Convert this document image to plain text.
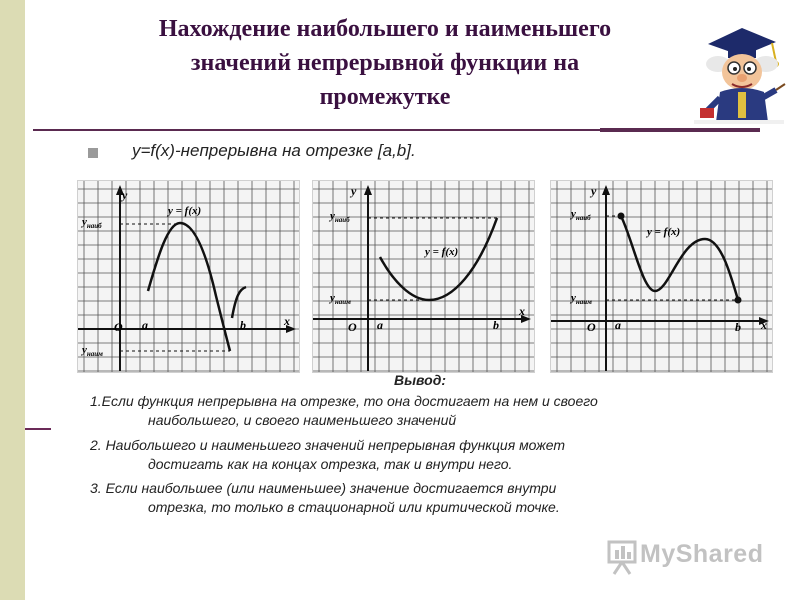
Нахождение наибольшего и наименьшего
значений непрерывной функции на
промежутке
y=f(x)-непрерывна на отрезке [a,b].
y
x
O a	b
y = f(x)
$y_{наиб}$
$y_{наим}$
y
x
O a	b
y = f(x)
$y_{наиб}$
$y_{наим}$
y
x
O a	b
y = f(x)
$y_{наиб}$
$y_{наим}$
Вывод:
1.Если функция непрерывна на отрезке, то она достигает на нем и своего
наибольшего, и своего наименьшего значений
2. Наибольшего и наименьшего значений непрерывная функция может
достигать как на концах отрезка, так и внутри него.
3. Если наибольшее (или наименьшее) значение достигается внутри
отрезка, то только в стационарной или критической точке.
MyShared
